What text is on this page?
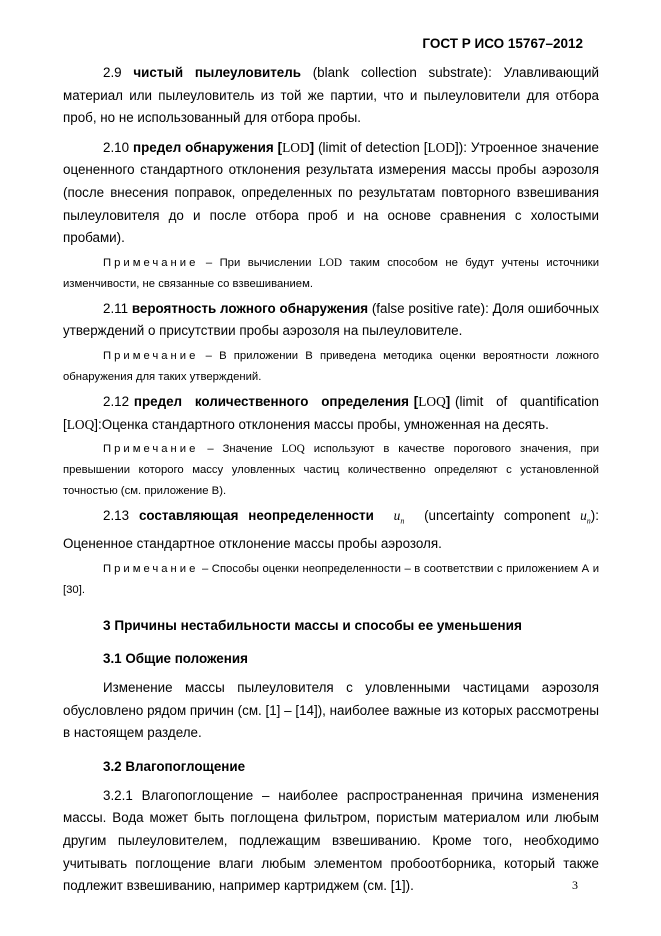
ГОСТ Р ИСО 15767–2012

2.9 чистый пылеуловитель (blank collection substrate): Улавливающий материал или пылеуловитель из той же партии, что и пылеуловители для отбора проб, но не использованный для отбора пробы.

2.10 предел обнаружения [LOD] (limit of detection [LOD]): Утроенное значение оцененного стандартного отклонения результата измерения массы пробы аэрозоля (после внесения поправок, определенных по результатам повторного взвешивания пылеуловителя до и после отбора проб и на основе сравнения с холостыми пробами).

Примечание – При вычислении LOD таким способом не будут учтены источники изменчивости, не связанные со взвешиванием.

2.11 вероятность ложного обнаружения (false positive rate): Доля ошибочных утверждений о присутствии пробы аэрозоля на пылеуловителе.

Примечание – В приложении В приведена методика оценки вероятности ложного обнаружения для таких утверждений.

2.12 предел количественного определения [LOQ] (limit of quantification [LOQ]:Оценка стандартного отклонения массы пробы, умноженная на десять.

Примечание – Значение LOQ используют в качестве порогового значения, при превышении которого массу уловленных частиц количественно определяют с установленной точностью (см. приложение В).

2.13 составляющая неопределенности $u_n$ (uncertainty component $u_n$): Оцененное стандартное отклонение массы пробы аэрозоля.

Примечание – Способы оценки неопределенности – в соответствии с приложением А и [30].

3 Причины нестабильности массы и способы ее уменьшения
3.1 Общие положения

Изменение массы пылеуловителя с уловленными частицами аэрозоля обусловлено рядом причин (см. [1] – [14]), наиболее важные из которых рассмотрены в настоящем разделе.

3.2 Влагопоглощение

3.2.1 Влагопоглощение – наиболее распространенная причина изменения массы. Вода может быть поглощена фильтром, пористым материалом или любым другим пылеуловителем, подлежащим взвешиванию. Кроме того, необходимо учитывать поглощение влаги любым элементом пробоотборника, который также подлежит взвешиванию, например картриджем (см. [1]).	3
